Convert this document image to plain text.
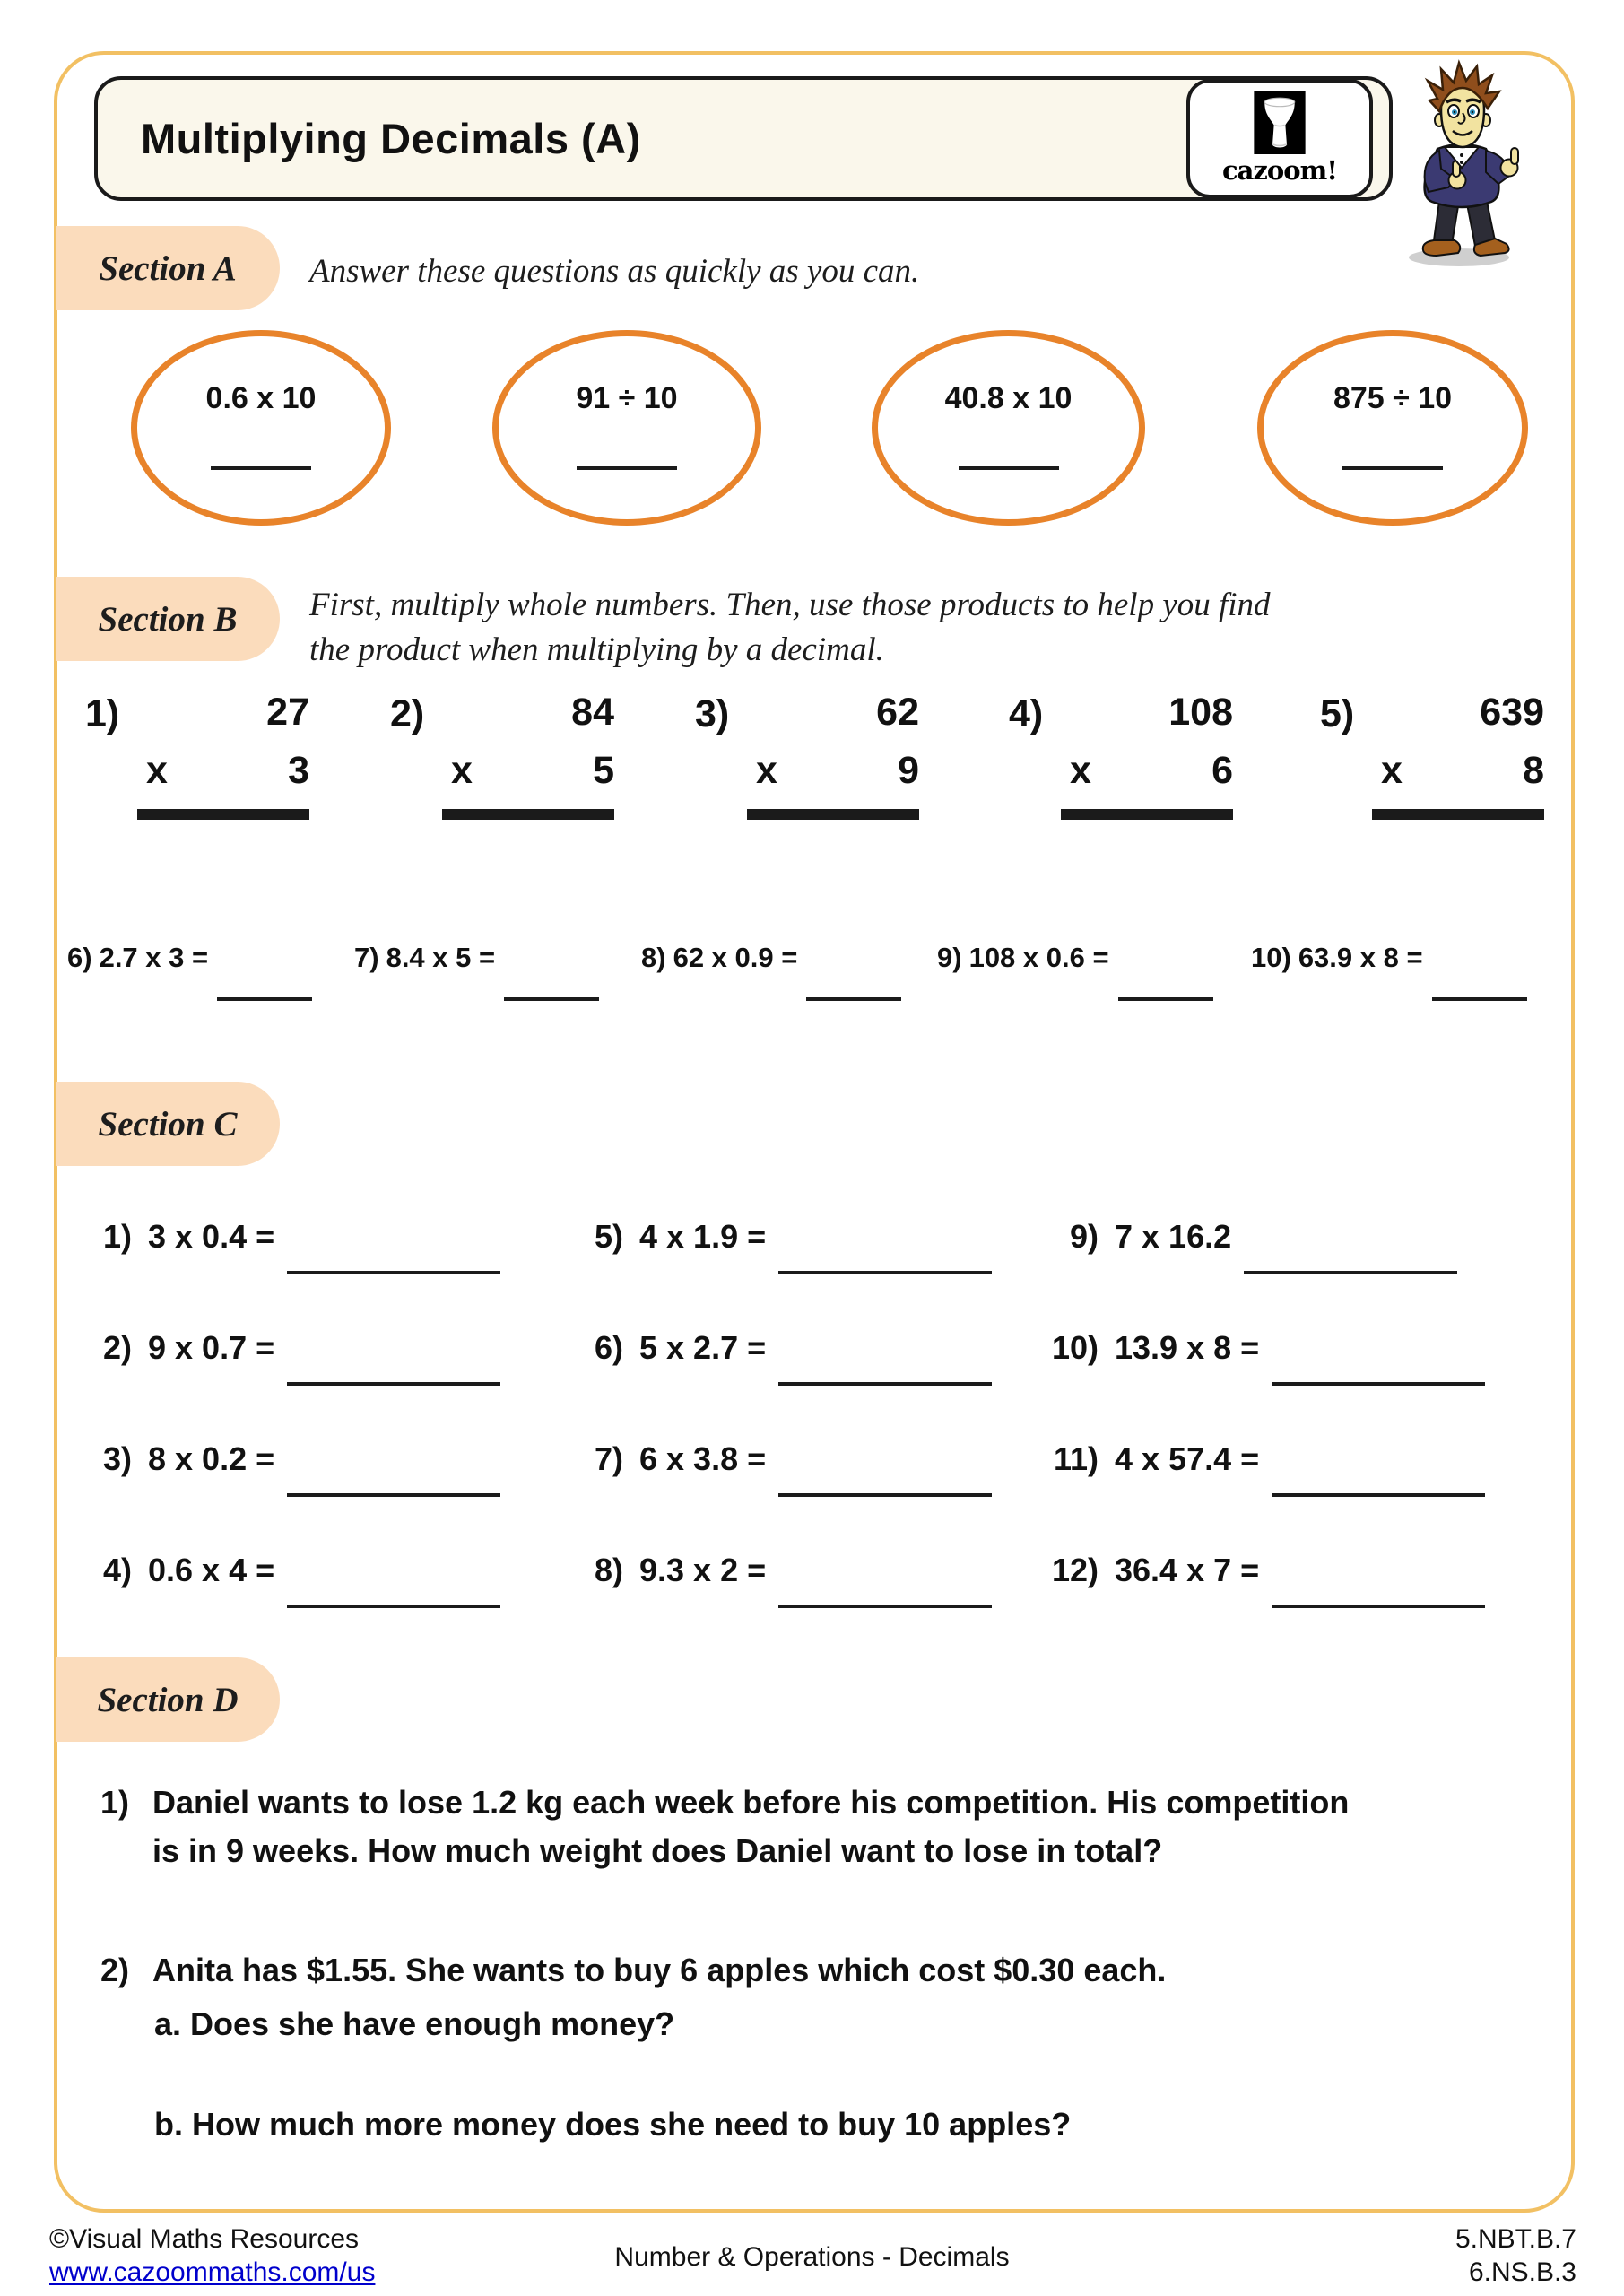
Multiplying Decimals (A)
cazoom!
Section A Answer these questions as quickly as you can.
0.6 x 10	91 ÷ 10	40.8 x 10	875 ÷ 10
Section B First, multiply whole numbers. Then, use those products to help you find
the product when multiplying by a decimal.
1)	27
x	3
2)	84
x	5
3)	62
x	9
4)	108
x	6
5)	639
x	8
6) 2.7 x 3 =	7) 8.4 x 5 =	8) 62 x 0.9 =	9) 108 x 0.6 =	10) 63.9 x 8 =
Section C
1) 3 x 0.4 =	5) 4 x 1.9 =	9) 7 x 16.2
2) 9 x 0.7 =	6) 5 x 2.7 =	10) 13.9 x 8 =
3) 8 x 0.2 =	7) 6 x 3.8 =	11) 4 x 57.4 =
4) 0.6 x 4 =	8) 9.3 x 2 =	12) 36.4 x 7 =
Section D
1) Daniel wants to lose 1.2 kg each week before his competition. His competition
is in 9 weeks. How much weight does Daniel want to lose in total?
2) Anita has $1.55. She wants to buy 6 apples which cost $0.30 each.
a. Does she have enough money?
b. How much more money does she need to buy 10 apples?
©Visual Maths Resources
www.cazoommaths.com/us
Number & Operations - Decimals
5.NBT.B.7
6.NS.B.3
